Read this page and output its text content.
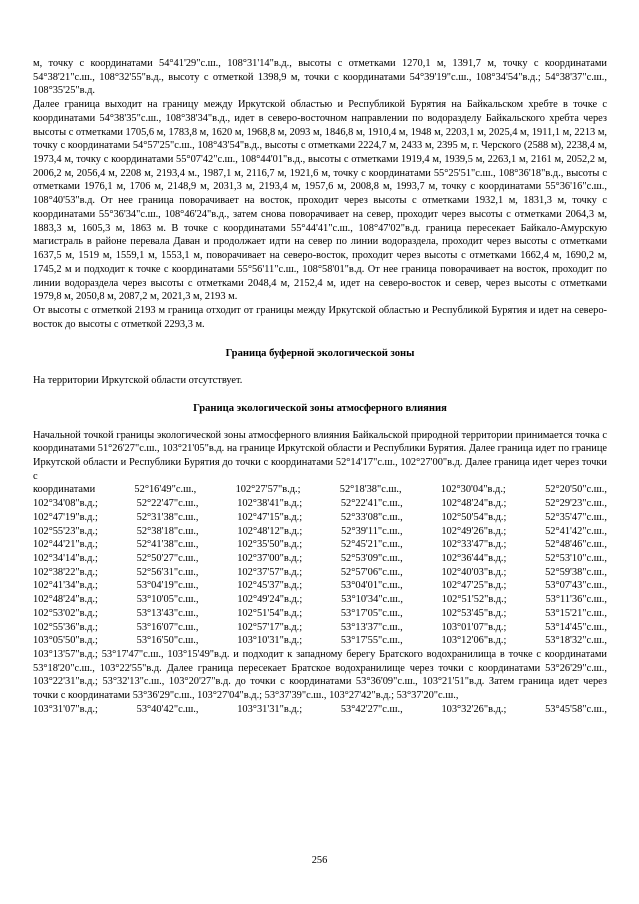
м, точку с координатами 54°41'29"с.ш., 108°31'14"в.д., высоты с отметками 1270,1 м, 1391,7 м, точку с координатами 54°38'21"с.ш., 108°32'55"в.д., высоту с отметкой 1398,9 м, точки с координатами 54°39'19"с.ш., 108°34'54"в.д.; 54°38'37"с.ш., 108°35'25"в.д.

Далее граница выходит на границу между Иркутской областью и Республикой Бурятия на Байкальском хребте в точке с координатами 54°38'35"с.ш., 108°38'34"в.д., идет в северо-восточном направлении по водоразделу Байкальского хребта через высоты с отметками 1705,6 м, 1783,8 м, 1620 м, 1968,8 м, 2093 м, 1846,8 м, 1910,4 м, 1948 м, 2203,1 м, 2025,4 м, 1911,1 м, 2213 м, точку с координатами 54°57'25"с.ш., 108°43'54"в.д., высоты с отметками 2224,7 м, 2433 м, 2395 м, г. Черского (2588 м), 2238,4 м, 1973,4 м, точку с координатами 55°07'42"с.ш., 108°44'01"в.д., высоты с отметками 1919,4 м, 1939,5 м, 2263,1 м, 2161 м, 2052,2 м, 2006,2 м, 2056,4 м, 2208 м, 2193,4 м., 1987,1 м, 2116,7 м, 1921,6 м, точку с координатами 55°25'51"с.ш., 108°36'18"в.д., высоты с отметками 1976,1 м, 1706 м, 2148,9 м, 2031,3 м, 2193,4 м, 1957,6 м, 2008,8 м, 1993,7 м, точку с координатами 55°36'16"с.ш., 108°40'53"в.д. От нее граница поворачивает на восток, проходит через высоты с отметками 1932,1 м, 1831,3 м, точку с координатами 55°36'34"с.ш., 108°46'24"в.д., затем снова поворачивает на север, проходит через высоты с отметками 2064,3 м, 1883,3 м, 1605,3 м, 1863 м. В точке с координатами 55°44'41"с.ш., 108°47'02"в.д. граница пересекает Байкало-Амурскую магистраль в районе перевала Даван и продолжает идти на север по линии водораздела, проходит через высоты с отметками 1637,5 м, 1519 м, 1559,1 м, 1553,1 м, поворачивает на северо-восток, проходит через высоты с отметками 1662,4 м, 1690,2 м, 1745,2 м и подходит к точке с координатами 55°56'11"с.ш., 108°58'01"в.д. От нее граница поворачивает на восток, проходит по линии водораздела через высоты с отметками 2048,4 м, 2152,4 м, идет на северо-восток и север, через высоты с отметками 1979,8 м, 2050,8 м, 2087,2 м, 2021,3 м, 2193 м.

От высоты с отметкой 2193 м граница отходит от границы между Иркутской областью и Республикой Бурятия и идет на северо-восток до высоты с отметкой 2293,3 м.

Граница буферной экологической зоны

На территории Иркутской области отсутствует.

Граница экологической зоны атмосферного влияния

Начальной точкой границы экологической зоны атмосферного влияния Байкальской природной территории принимается точка с координатами 51°26'27"с.ш., 103°21'05"в.д. на границе Иркутской области и Республики Бурятия. Далее граница идет по границе Иркутской области и Республики Бурятия до точки с координатами 52°14'17"с.ш., 102°27'00"в.д. Далее граница идет через точки с

координатами	52°16'49"с.ш.,	102°27'57"в.д.;	52°18'38"с.ш.,	102°30'04"в.д.;	52°20'50"с.ш.,
102°34'08"в.д.;	52°22'47"с.ш.,	102°38'41"в.д.;	52°22'41"с.ш.,	102°48'24"в.д.;	52°29'23"с.ш.,
102°47'19"в.д.;	52°31'38"с.ш.,	102°47'15"в.д.;	52°33'08"с.ш.,	102°50'54"в.д.;	52°35'47"с.ш.,
102°55'23"в.д.;	52°38'18"с.ш.,	102°48'12"в.д.;	52°39'11"с.ш.,	102°49'26"в.д.;	52°41'42"с.ш.,
102°44'21"в.д.;	52°41'38"с.ш.,	102°35'50"в.д.;	52°45'21"с.ш.,	102°33'47"в.д.;	52°48'46"с.ш.,
102°34'14"в.д.;	52°50'27"с.ш.,	102°37'00"в.д.;	52°53'09"с.ш.,	102°36'44"в.д.;	52°53'10"с.ш.,
102°38'22"в.д.;	52°56'31"с.ш.,	102°37'57"в.д.;	52°57'06"с.ш.,	102°40'03"в.д.;	52°59'38"с.ш.,
102°41'34"в.д.;	53°04'19"с.ш.,	102°45'37"в.д.;	53°04'01"с.ш.,	102°47'25"в.д.;	53°07'43"с.ш.,
102°48'24"в.д.;	53°10'05"с.ш.,	102°49'24"в.д.;	53°10'34"с.ш.,	102°51'52"в.д.;	53°11'36"с.ш.,
102°53'02"в.д.;	53°13'43"с.ш.,	102°51'54"в.д.;	53°17'05"с.ш.,	102°53'45"в.д.;	53°15'21"с.ш.,
102°55'36"в.д.;	53°16'07"с.ш.,	102°57'17"в.д.;	53°13'37"с.ш.,	103°01'07"в.д.;	53°14'45"с.ш.,
103°05'50"в.д.;	53°16'50"с.ш.,	103°10'31"в.д.;	53°17'55"с.ш.,	103°12'06"в.д.;	53°18'32"с.ш.,

103°13'57"в.д.; 53°17'47"с.ш., 103°15'49"в.д. и подходит к западному берегу Братского водохранилища в точке с координатами 53°18'20"с.ш., 103°22'55"в.д. Далее граница пересекает Братское водохранилище через точки с координатами 53°26'29"с.ш., 103°22'31"в.д.; 53°32'13"с.ш., 103°20'27"в.д. до точки с координатами 53°36'09"с.ш., 103°21'51"в.д. Затем граница идет через точки с координатами 53°36'29"с.ш., 103°27'04"в.д.; 53°37'39"с.ш., 103°27'42"в.д.; 53°37'20"с.ш.,

103°31'07"в.д.;	53°40'42"с.ш.,	103°31'31"в.д.;	53°42'27"с.ш.,	103°32'26"в.д.;	53°45'58"с.ш.,
256
